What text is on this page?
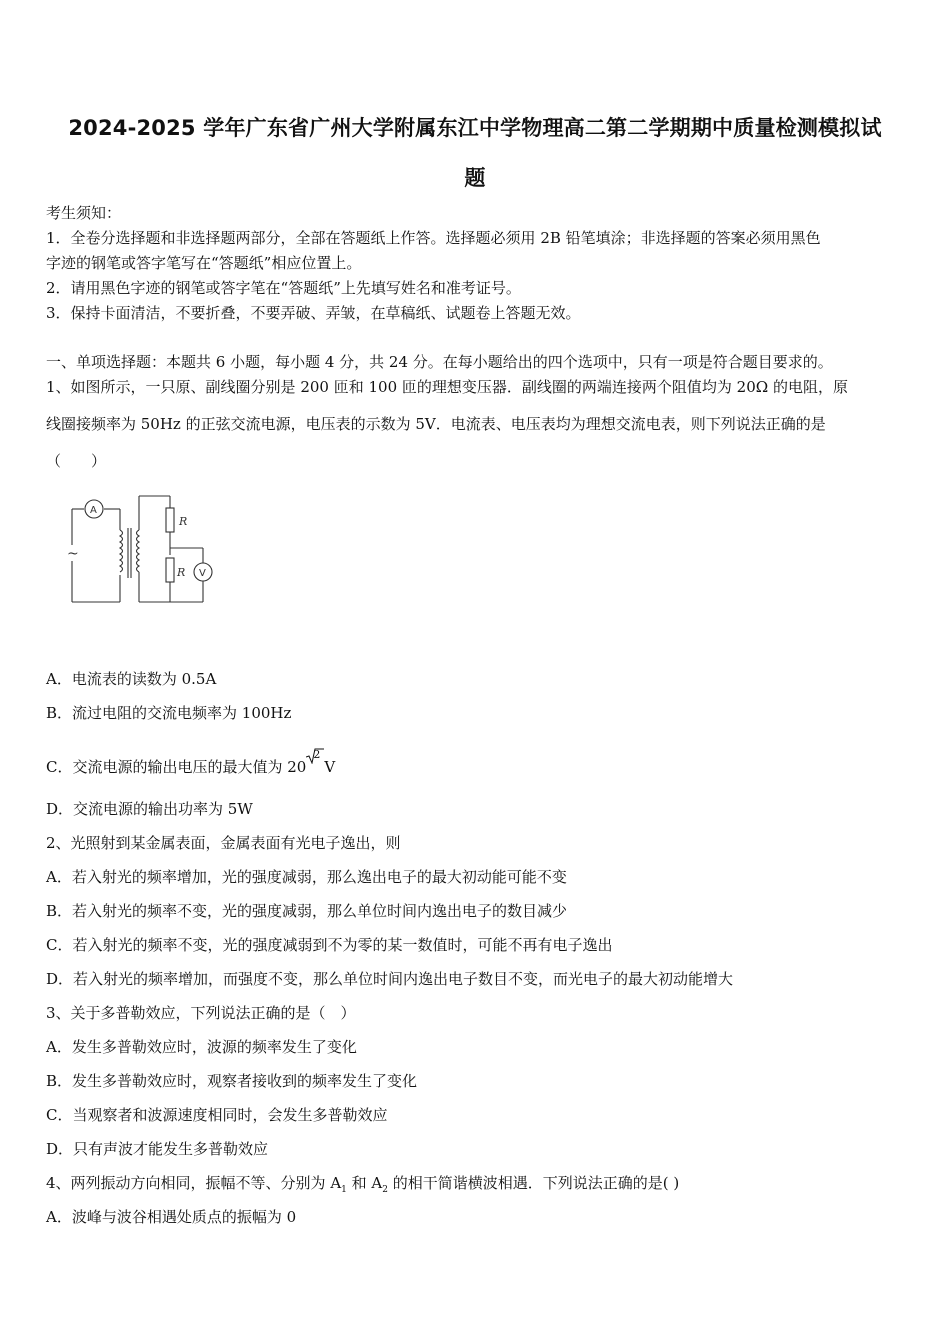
2024-2025 学年广东省广州大学附属东江中学物理高二第二学期期中质量检测模拟试
题
考生须知：
1．全卷分选择题和非选择题两部分，全部在答题纸上作答。选择题必须用 2B 铅笔填涂；非选择题的答案必须用黑色
字迹的钢笔或答字笔写在“答题纸”相应位置上。
2．请用黑色字迹的钢笔或答字笔在“答题纸”上先填写姓名和准考证号。
3．保持卡面清洁，不要折叠，不要弄破、弄皱，在草稿纸、试题卷上答题无效。
一、单项选择题：本题共 6 小题，每小题 4 分，共 24 分。在每小题给出的四个选项中，只有一项是符合题目要求的。
1、如图所示，一只原、副线圈分别是 200 匝和 100 匝的理想变压器．副线圈的两端连接两个阻值均为 20Ω 的电阻，原
线圈接频率为 50Hz 的正弦交流电源，电压表的示数为 5V．电流表、电压表均为理想交流电表，则下列说法正确的是
（　　）
~
A
V
R
R
A．电流表的读数为 0.5A
B．流过电阻的交流电频率为 100Hz
C．交流电源的输出电压的最大值为 20
2
V
D．交流电源的输出功率为 5W
2、光照射到某金属表面，金属表面有光电子逸出，则
A．若入射光的频率增加，光的强度减弱，那么逸出电子的最大初动能可能不变
B．若入射光的频率不变，光的强度减弱，那么单位时间内逸出电子的数目减少
C．若入射光的频率不变，光的强度减弱到不为零的某一数值时，可能不再有电子逸出
D．若入射光的频率增加，而强度不变，那么单位时间内逸出电子数目不变，而光电子的最大初动能增大
3、关于多普勒效应，下列说法正确的是（　）
A．发生多普勒效应时，波源的频率发生了变化
B．发生多普勒效应时，观察者接收到的频率发生了变化
C．当观察者和波源速度相同时，会发生多普勒效应
D．只有声波才能发生多普勒效应
4、两列振动方向相同，振幅不等、分别为 $A_1$ 和 $A_2$ 的相干简谐横波相遇．下列说法正确的是( )
A．波峰与波谷相遇处质点的振幅为 0
